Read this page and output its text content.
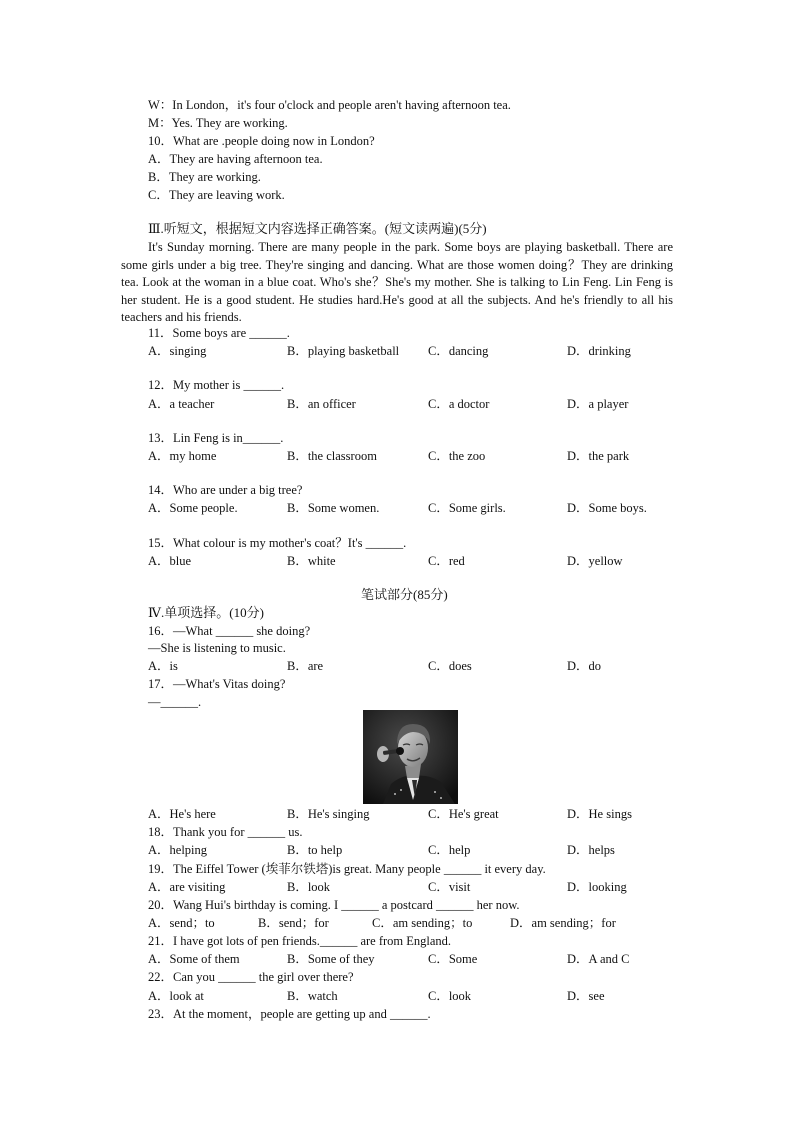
W：In London，it's four o'clock and people aren't having afternoon tea.
M：Yes. They are working.
10．What are .people doing now in London?
A．They are having afternoon tea.
B．They are working.
C．They are leaving work.
Ⅲ.听短文，根据短文内容选择正确答案。(短文读两遍)(5分)
It's Sunday morning. There are many people in the park. Some boys are playing basketball. There are some girls under a big tree. They're singing and dancing. What are those women doing？They are drinking tea. Look at the woman in a blue coat. Who's she？She's my mother. She is talking to Lin Feng. Lin Feng is her student. He is a good student. He studies hard.He's good at all the subjects. And he's friendly to all his teachers and his friends.
11．Some boys are ______.
A．singing	B．playing basketball C．dancing	D．drinking
12．My mother is ______.
A．a teacher	B．an officer	C．a doctor	D．a player
13．Lin Feng is in______.
A．my home	B．the classroom	C．the zoo	D．the park
14．Who are under a big tree?
A．Some people.	B．Some women.	C．Some girls.	D．Some boys.
15．What colour is my mother's coat？It's ______.
A．blue	B．white	C．red	D．yellow
笔试部分(85分)
Ⅳ.单项选择。(10分)
16．—What ______ she doing?
—She is listening to music.
A．is	B．are	C．does	D．do
17．—What's Vitas doing?
—______.
A．He's here	B．He's singing	C．He's great	D．He sings
18．Thank you for ______ us.
A．helping	B．to help	C．help	D．helps
19．The Eiffel Tower (埃菲尔铁塔)is great. Many people ______ it every day.
A．are visiting	B．look	C．visit	D．looking
20．Wang Hui's birthday is coming. I ______ a postcard ______ her now.
A．send；to	B．send；for	C．am sending；to	D．am sending；for
21．I have got lots of pen friends.______ are from England.
A．Some of them	B．Some of they	C．Some	D．A and C
22．Can you ______ the girl over there?
A．look at	B．watch	C．look	D．see
23．At the moment，people are getting up and ______.
